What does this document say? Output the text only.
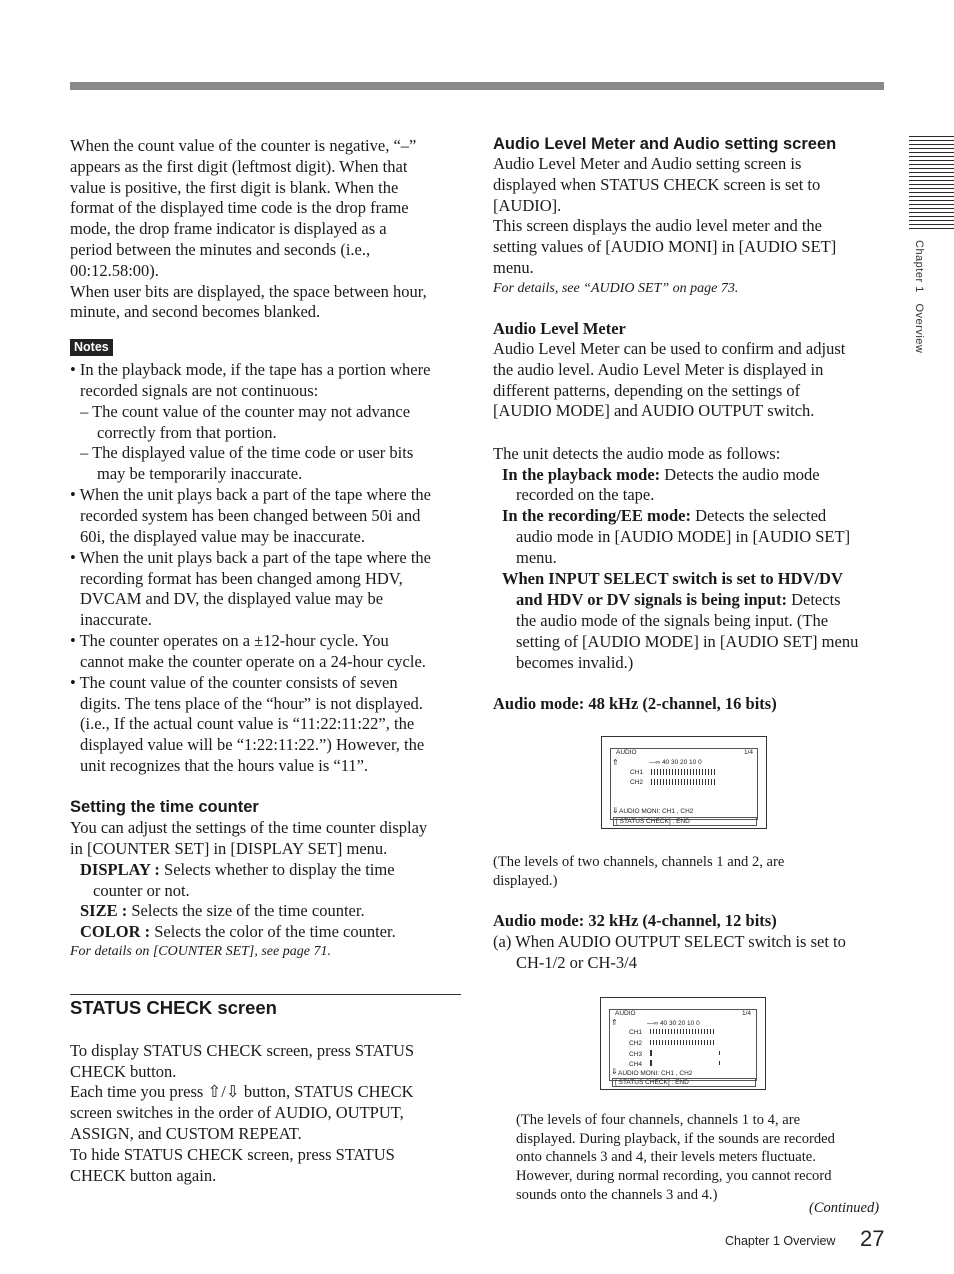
Chapter 1   Overview
When the count value of the counter is negative, “–”
appears as the first digit (leftmost digit). When that
value is positive, the first digit is blank. When the
format of the displayed time code is the drop frame
mode, the drop frame indicator is displayed as a
period between the minutes and seconds (i.e.,
00:12.58:00).
When user bits are displayed, the space between hour,
minute, and second becomes blanked.
Notes
• In the playback mode, if the tape has a portion where
recorded signals are not continuous:
– The count value of the counter may not advance
correctly from that portion.
– The displayed value of the time code or user bits
may be temporarily inaccurate.
• When the unit plays back a part of the tape where the
recorded system has been changed between 50i and
60i, the displayed value may be inaccurate.
• When the unit plays back a part of the tape where the
recording format has been changed among HDV,
DVCAM and DV, the displayed value may be
inaccurate.
• The counter operates on a ±12-hour cycle. You
cannot make the counter operate on a 24-hour cycle.
• The count value of the counter consists of seven
digits. The tens place of the “hour” is not displayed.
(i.e., If the actual count value is “11:22:11:22”, the
displayed value will be “1:22:11:22.”) However, the
unit recognizes that the hours value is “11”.
Setting the time counter
You can adjust the settings of the time counter display
in [COUNTER SET] in [DISPLAY SET] menu.
DISPLAY : Selects whether to display the time
counter or not.
SIZE : Selects the size of the time counter.
COLOR : Selects the color of the time counter.
For details on [COUNTER SET], see page 71.
STATUS CHECK screen
To display STATUS CHECK screen, press STATUS
CHECK button.
Each time you press ⇧/⇩ button, STATUS CHECK
screen switches in the order of AUDIO, OUTPUT,
ASSIGN, and CUSTOM REPEAT.
To hide STATUS CHECK screen, press STATUS
CHECK button again.
Audio Level Meter and Audio setting screen
Audio Level Meter and Audio setting screen is
displayed when STATUS CHECK screen is set to
[AUDIO].
This screen displays the audio level meter and the
setting values of [AUDIO MONI] in [AUDIO SET]
menu.
For details, see “AUDIO SET” on page 73.
Audio Level Meter
Audio Level Meter can be used to confirm and adjust
the audio level. Audio Level Meter is displayed in
different patterns, depending on the settings of
[AUDIO MODE] and AUDIO OUTPUT switch.
The unit detects the audio mode as follows:
In the playback mode: Detects the audio mode
recorded on the tape.
In the recording/EE mode: Detects the selected
audio mode in [AUDIO MODE] in [AUDIO SET]
menu.
When INPUT SELECT switch is set to HDV/DV
and HDV or DV signals is being input: Detects
the audio mode of the signals being input. (The
setting of [AUDIO MODE] in [AUDIO SET] menu
becomes invalid.)
Audio mode: 48 kHz (2-channel, 16 bits)
AUDIO	1/4
⇑	—∞ 40 30 20 10 0
CH1
CH2
⇓ AUDIO MONI: CH1 , CH2
[ STATUS CHECK] : END
(The levels of two channels, channels 1 and 2, are
displayed.)
Audio mode: 32 kHz (4-channel, 12 bits)
(a) When AUDIO OUTPUT SELECT switch is set to
CH-1/2 or CH-3/4
AUDIO	1/4
⇑	—∞ 40 30 20 10 0
CH1
CH2
CH3
CH4
⇓ AUDIO MONI: CH1 , CH2
[ STATUS CHECK] : END
(The levels of four channels, channels 1 to 4, are
displayed. During playback, if the sounds are recorded
onto channels 3 and 4, their levels meters fluctuate.
However, during normal recording, you cannot record
sounds onto the channels 3 and 4.)
(Continued)
Chapter 1 Overview 27
